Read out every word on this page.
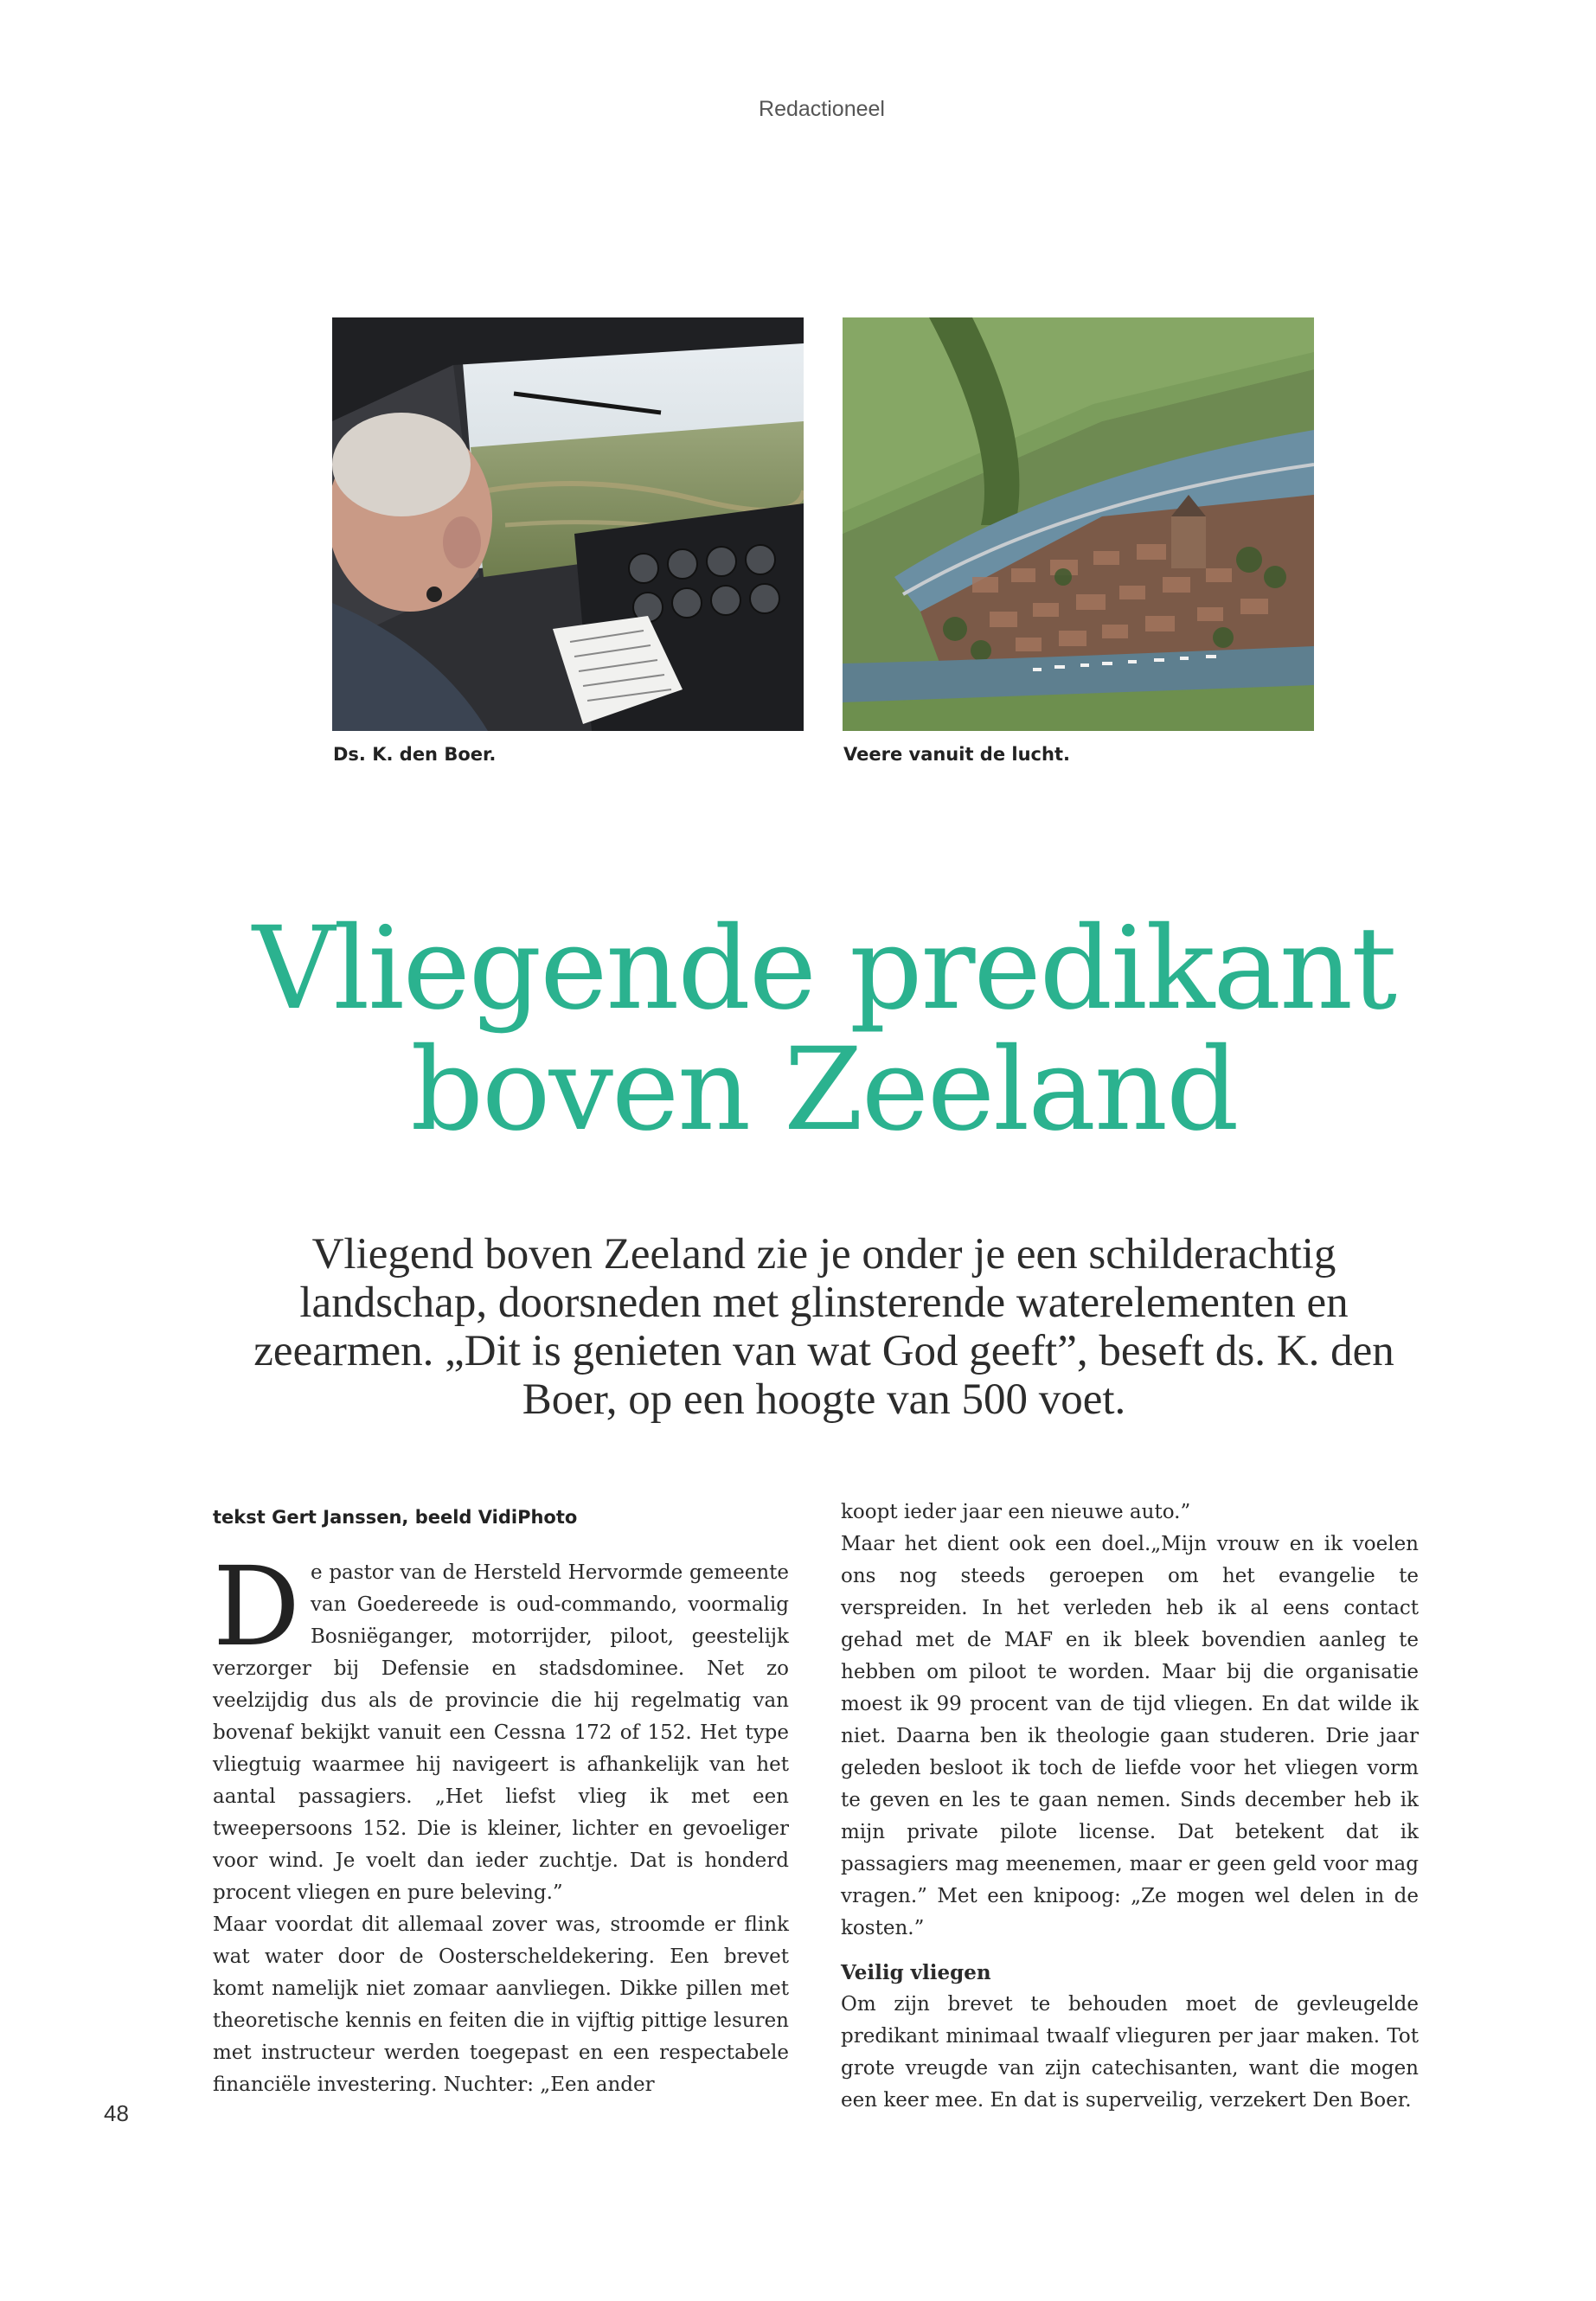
Redactioneel
Ds. K. den Boer.	Veere vanuit de lucht.
Vliegende predikant
boven Zeeland

Vliegend boven Zeeland zie je onder je een schilderachtig landschap, doorsneden met glinsterende waterelementen en zeearmen. „Dit is genieten van wat God geeft”, beseft ds. K. den Boer, op een hoogte van 500 voet.

tekst Gert Janssen, beeld VidiPhoto

De pastor van de Hersteld Hervormde gemeente van Goedereede is oud-commando, voormalig Bosniëganger, motorrijder, piloot, geestelijk verzorger bij Defensie en stadsdominee. Net zo veelzijdig dus als de provincie die hij regelmatig van bovenaf bekijkt vanuit een Cessna 172 of 152. Het type vliegtuig waarmee hij navigeert is afhankelijk van het aantal passagiers. „Het liefst vlieg ik met een tweepersoons 152. Die is kleiner, lichter en gevoeliger voor wind. Je voelt dan ieder zuchtje. Dat is honderd procent vliegen en pure beleving.”

Maar voordat dit allemaal zover was, stroomde er flink wat water door de Oosterscheldekering. Een brevet komt namelijk niet zomaar aanvliegen. Dikke pillen met theoretische kennis en feiten die in vijftig pittige lesuren met instructeur werden toegepast en een respectabele financiële investering. Nuchter: „Een ander

koopt ieder jaar een nieuwe auto.”

Maar het dient ook een doel.„Mijn vrouw en ik voelen ons nog steeds geroepen om het evangelie te verspreiden. In het verleden heb ik al eens contact gehad met de MAF en ik bleek bovendien aanleg te hebben om piloot te worden. Maar bij die organisatie moest ik 99 procent van de tijd vliegen. En dat wilde ik niet. Daarna ben ik theologie gaan studeren. Drie jaar geleden besloot ik toch de liefde voor het vliegen vorm te geven en les te gaan nemen. Sinds december heb ik mijn private pilote license. Dat betekent dat ik passagiers mag meenemen, maar er geen geld voor mag vragen.” Met een knipoog: „Ze mogen wel delen in de kosten.”

Veilig vliegen

Om zijn brevet te behouden moet de gevleugelde predikant minimaal twaalf vlieguren per jaar maken. Tot grote vreugde van zijn catechisanten, want die mogen een keer mee. En dat is superveilig, verzekert Den Boer.

48
